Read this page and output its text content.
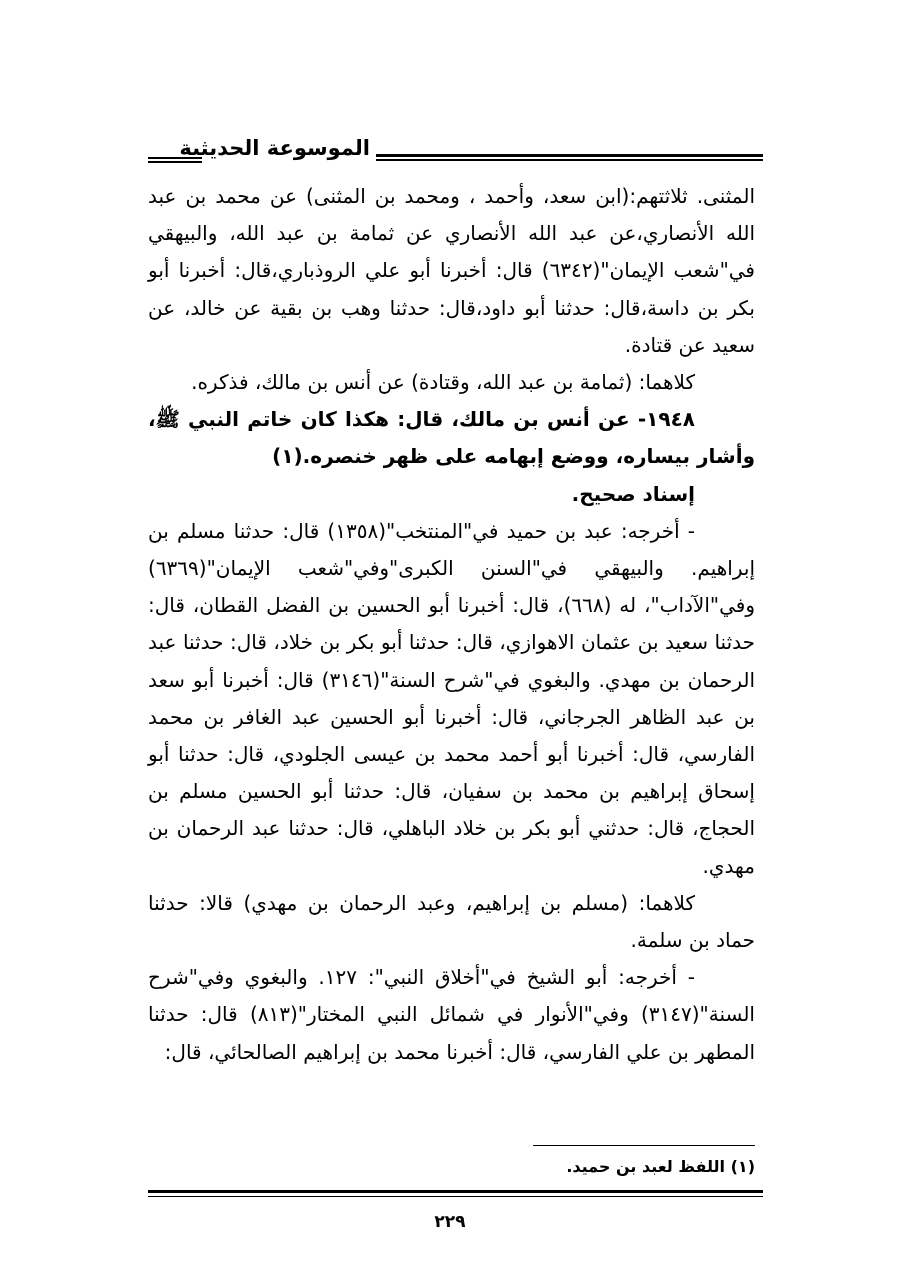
الموسوعة الحديثية

المثنى. ثلاثتهم:(ابن سعد، وأحمد ، ومحمد بن المثنى) عن محمد بن عبد الله الأنصاري،عن عبد الله الأنصاري عن ثمامة بن عبد الله، والبيهقي في"شعب الإيمان"(٦٣٤٢) قال: أخبرنا أبو علي الروذباري،قال: أخبرنا أبو بكر بن داسة،قال: حدثنا أبو داود،قال: حدثنا وهب بن بقية عن خالد، عن سعيد عن قتادة.

كلاهما: (ثمامة بن عبد الله، وقتادة) عن أنس بن مالك، فذكره.

١٩٤٨- عن أنس بن مالك، قال: هكذا كان خاتم النبي ﷺ، وأشار بيساره، ووضع إبهامه على ظهر خنصره.(١)

إسناد صحيح.

- أخرجه: عبد بن حميد في"المنتخب"(١٣٥٨) قال: حدثنا مسلم بن إبراهيم. والبيهقي في"السنن الكبرى"وفي"شعب الإيمان"(٦٣٦٩) وفي"الآداب"، له (٦٦٨)، قال: أخبرنا أبو الحسين بن الفضل القطان، قال: حدثنا سعيد بن عثمان الاهوازي، قال: حدثنا أبو بكر بن خلاد، قال: حدثنا عبد الرحمان بن مهدي. والبغوي في"شرح السنة"(٣١٤٦) قال: أخبرنا أبو سعد بن عبد الظاهر الجرجاني، قال: أخبرنا أبو الحسين عبد الغافر بن محمد الفارسي، قال: أخبرنا أبو أحمد محمد بن عيسى الجلودي، قال: حدثنا أبو إسحاق إبراهيم بن محمد بن سفيان، قال: حدثنا أبو الحسين مسلم بن الحجاج، قال: حدثني أبو بكر بن خلاد الباهلي، قال: حدثنا عبد الرحمان بن مهدي.

كلاهما: (مسلم بن إبراهيم، وعبد الرحمان بن مهدي) قالا: حدثنا حماد بن سلمة.

- أخرجه: أبو الشيخ في"أخلاق النبي": ١٢٧. والبغوي وفي"شرح السنة"(٣١٤٧) وفي"الأنوار في شمائل النبي المختار"(٨١٣) قال: حدثنا المطهر بن علي الفارسي، قال: أخبرنا محمد بن إبراهيم الصالحائي، قال:

(١) اللفظ لعبد بن حميد.
٢٢٩
